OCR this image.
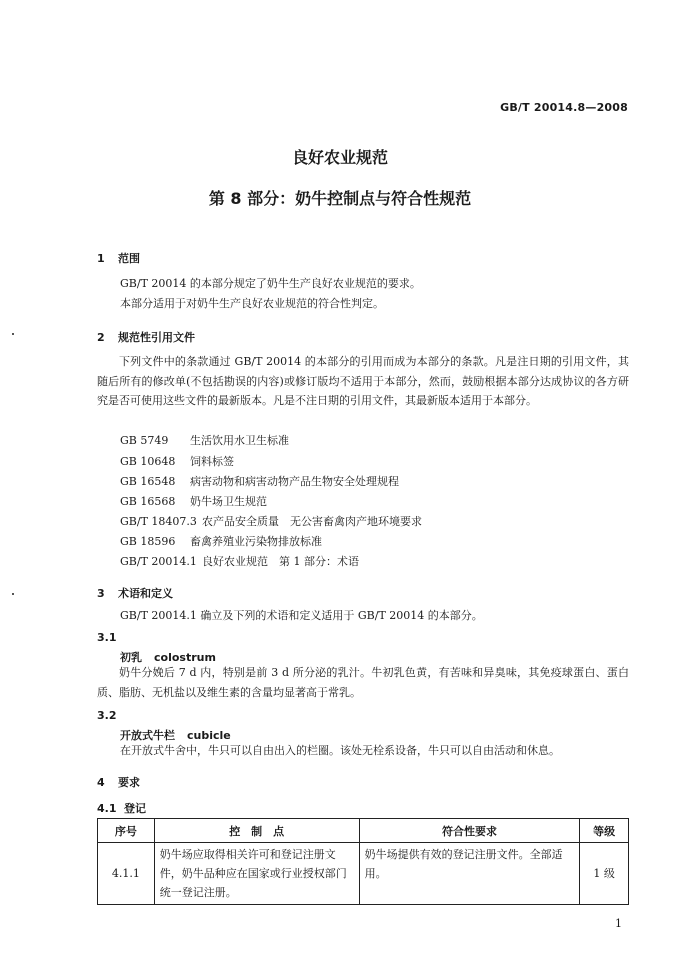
GB/T 20014.8—2008
良好农业规范
第 8 部分：奶牛控制点与符合性规范
1 范围
GB/T 20014 的本部分规定了奶牛生产良好农业规范的要求。
本部分适用于对奶牛生产良好农业规范的符合性判定。
2 规范性引用文件
下列文件中的条款通过 GB/T 20014 的本部分的引用而成为本部分的条款。凡是注日期的引用文件，其随后所有的修改单(不包括勘误的内容)或修订版均不适用于本部分，然而，鼓励根据本部分达成协议的各方研究是否可使用这些文件的最新版本。凡是不注日期的引用文件，其最新版本适用于本部分。
GB 5749 生活饮用水卫生标准
GB 10648 饲料标签
GB 16548 病害动物和病害动物产品生物安全处理规程
GB 16568 奶牛场卫生规范
GB/T 18407.3 农产品安全质量　无公害畜禽肉产地环境要求
GB 18596 畜禽养殖业污染物排放标准
GB/T 20014.1 良好农业规范　第 1 部分：术语
3 术语和定义
GB/T 20014.1 确立及下列的术语和定义适用于 GB/T 20014 的本部分。
3.1
初乳 colostrum
奶牛分娩后 7 d 内，特别是前 3 d 所分泌的乳汁。牛初乳色黄，有苦味和异臭味，其免疫球蛋白、蛋白质、脂肪、无机盐以及维生素的含量均显著高于常乳。
3.2
开放式牛栏 cubicle
在开放式牛舍中，牛只可以自由出入的栏圈。该处无栓系设备，牛只可以自由活动和休息。
4 要求
4.1 登记
序号	控　制　点	符合性要求	等级
4.1.1	奶牛场应取得相关许可和登记注册文件，奶牛品种应在国家或行业授权部门统一登记注册。	奶牛场提供有效的登记注册文件。全部适用。	1 级
1
